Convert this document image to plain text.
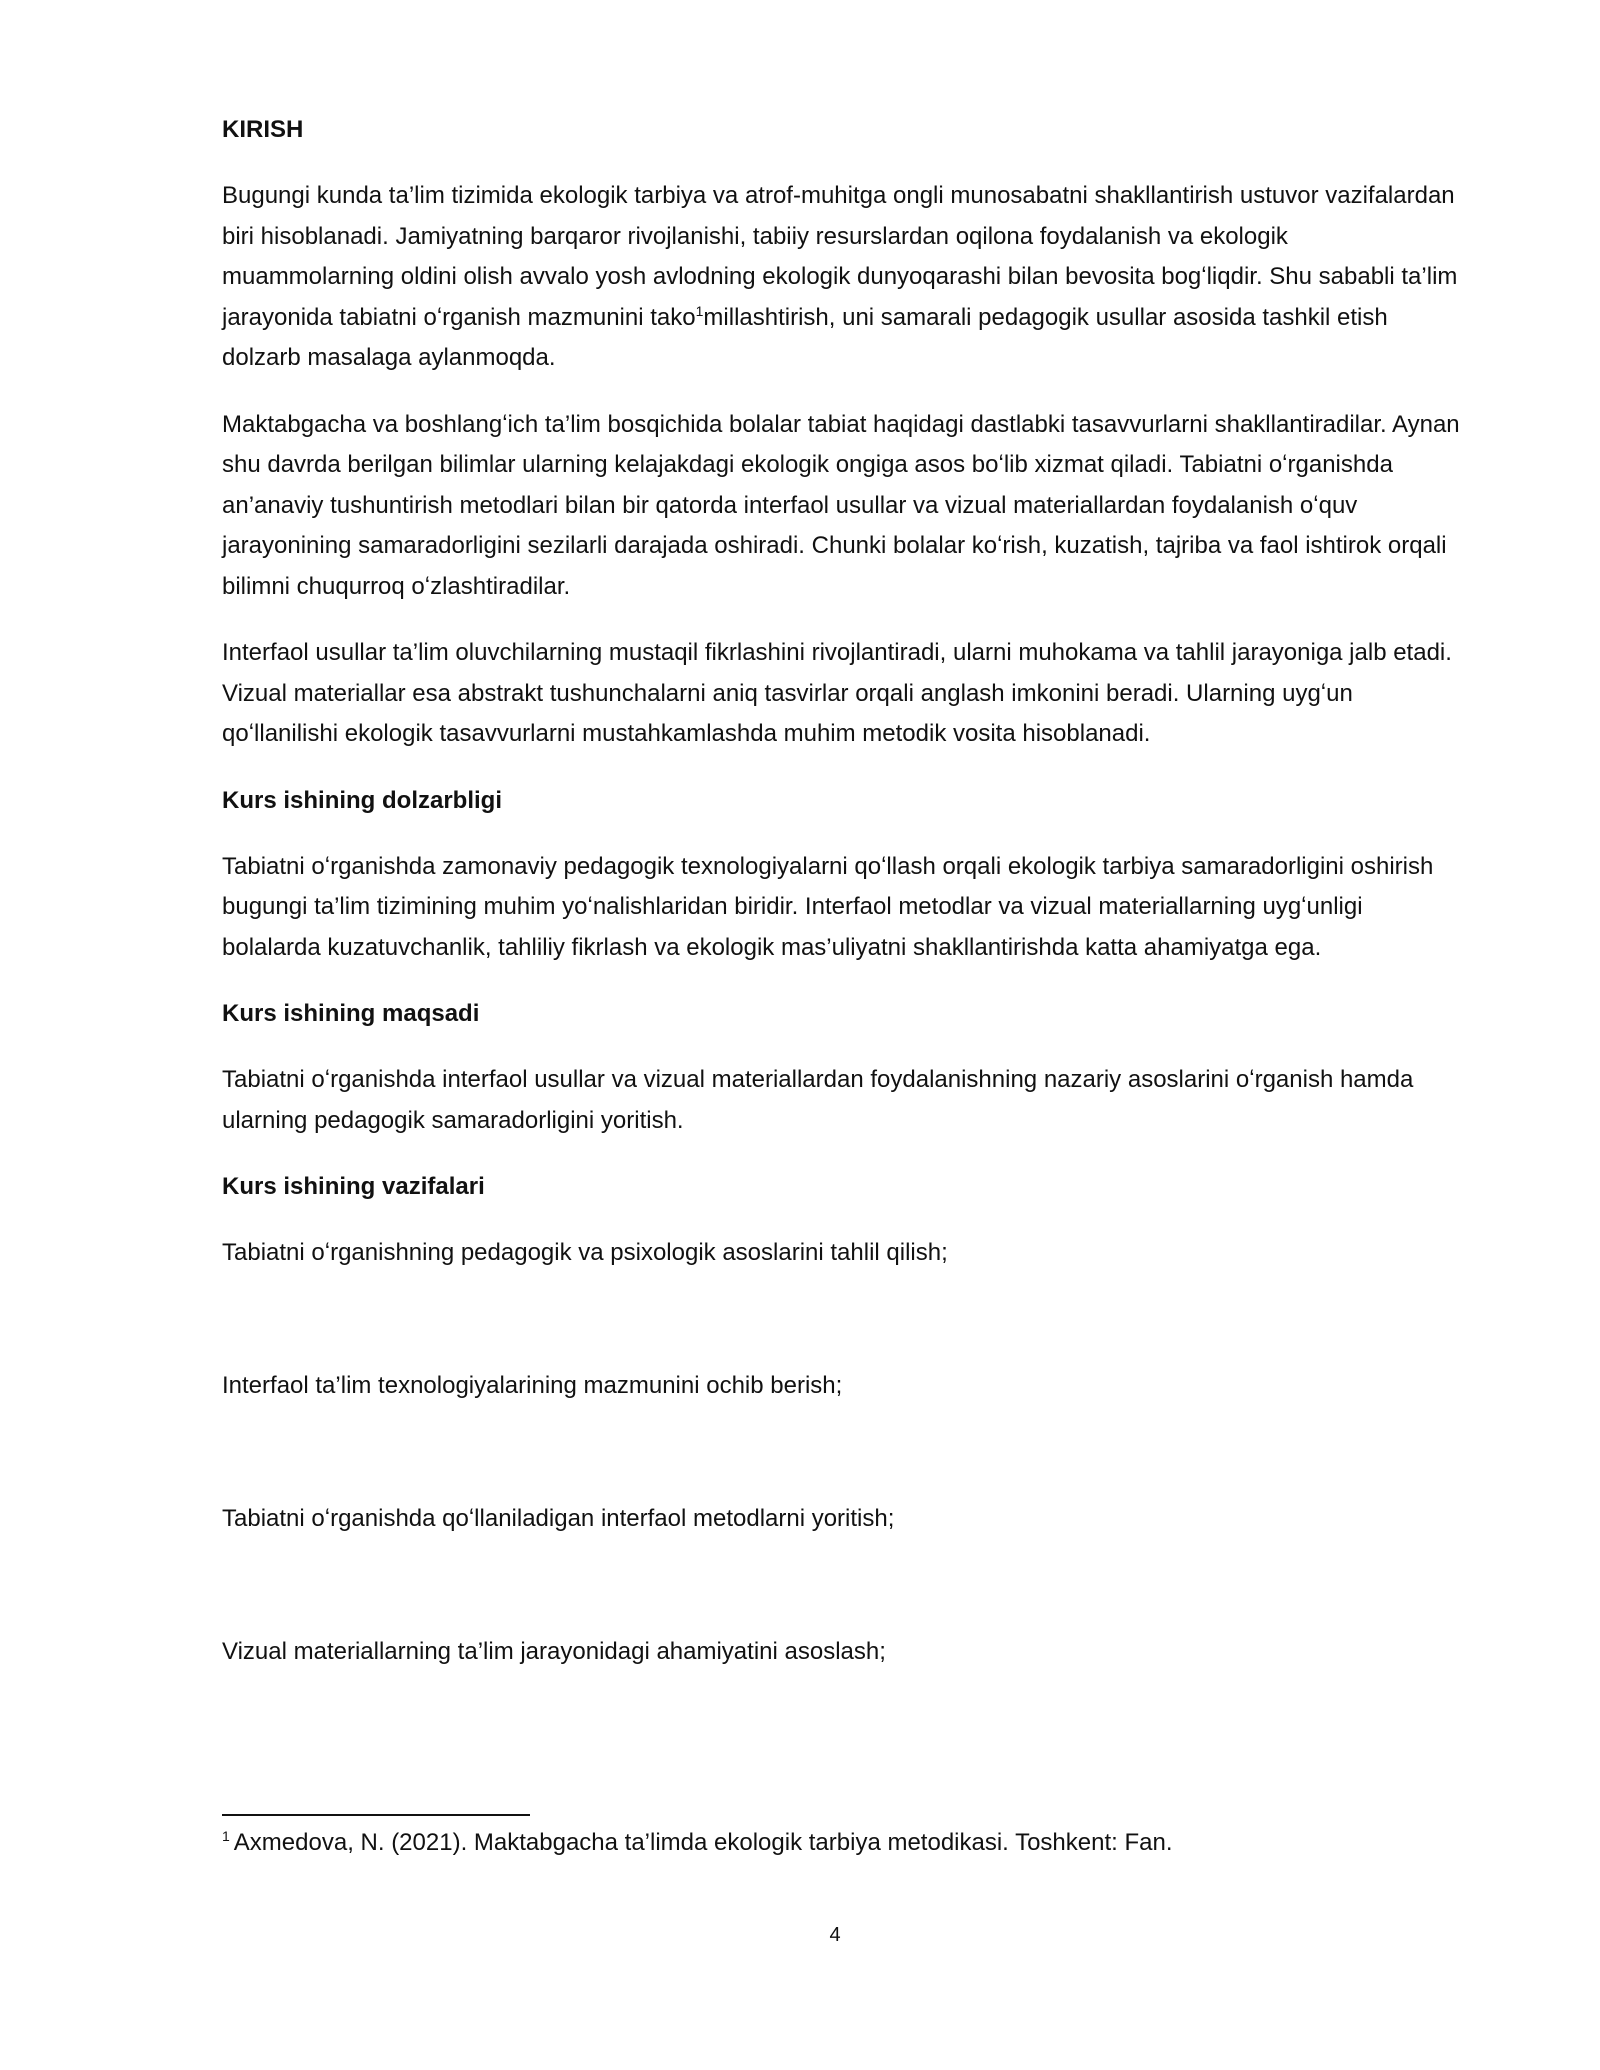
KIRISH

Bugungi kunda ta’lim tizimida ekologik tarbiya va atrof-muhitga ongli munosabatni shakllantirish ustuvor vazifalardan biri hisoblanadi. Jamiyatning barqaror rivojlanishi, tabiiy resurslardan oqilona foydalanish va ekologik muammolarning oldini olish avvalo yosh avlodning ekologik dunyoqarashi bilan bevosita bogʻliqdir. Shu sababli ta’lim jarayonida tabiatni oʻrganish mazmunini tako$^1$millashtirish, uni samarali pedagogik usullar asosida tashkil etish dolzarb masalaga aylanmoqda.

Maktabgacha va boshlangʻich ta’lim bosqichida bolalar tabiat haqidagi dastlabki tasavvurlarni shakllantiradilar. Aynan shu davrda berilgan bilimlar ularning kelajakdagi ekologik ongiga asos boʻlib xizmat qiladi. Tabiatni oʻrganishda an’anaviy tushuntirish metodlari bilan bir qatorda interfaol usullar va vizual materiallardan foydalanish oʻquv jarayonining samaradorligini sezilarli darajada oshiradi. Chunki bolalar koʻrish, kuzatish, tajriba va faol ishtirok orqali bilimni chuqurroq oʻzlashtiradilar.

Interfaol usullar ta’lim oluvchilarning mustaqil fikrlashini rivojlantiradi, ularni muhokama va tahlil jarayoniga jalb etadi. Vizual materiallar esa abstrakt tushunchalarni aniq tasvirlar orqali anglash imkonini beradi. Ularning uygʻun qoʻllanilishi ekologik tasavvurlarni mustahkamlashda muhim metodik vosita hisoblanadi.

Kurs ishining dolzarbligi

Tabiatni oʻrganishda zamonaviy pedagogik texnologiyalarni qoʻllash orqali ekologik tarbiya samaradorligini oshirish bugungi ta’lim tizimining muhim yoʻnalishlaridan biridir. Interfaol metodlar va vizual materiallarning uygʻunligi bolalarda kuzatuvchanlik, tahliliy fikrlash va ekologik mas’uliyatni shakllantirishda katta ahamiyatga ega.

Kurs ishining maqsadi

Tabiatni oʻrganishda interfaol usullar va vizual materiallardan foydalanishning nazariy asoslarini oʻrganish hamda ularning pedagogik samaradorligini yoritish.

Kurs ishining vazifalari

Tabiatni oʻrganishning pedagogik va psixologik asoslarini tahlil qilish;

Interfaol ta’lim texnologiyalarining mazmunini ochib berish;

Tabiatni oʻrganishda qoʻllaniladigan interfaol metodlarni yoritish;

Vizual materiallarning ta’lim jarayonidagi ahamiyatini asoslash;

$^1$ Axmedova, N. (2021). Maktabgacha ta’limda ekologik tarbiya metodikasi. Toshkent: Fan.
4
